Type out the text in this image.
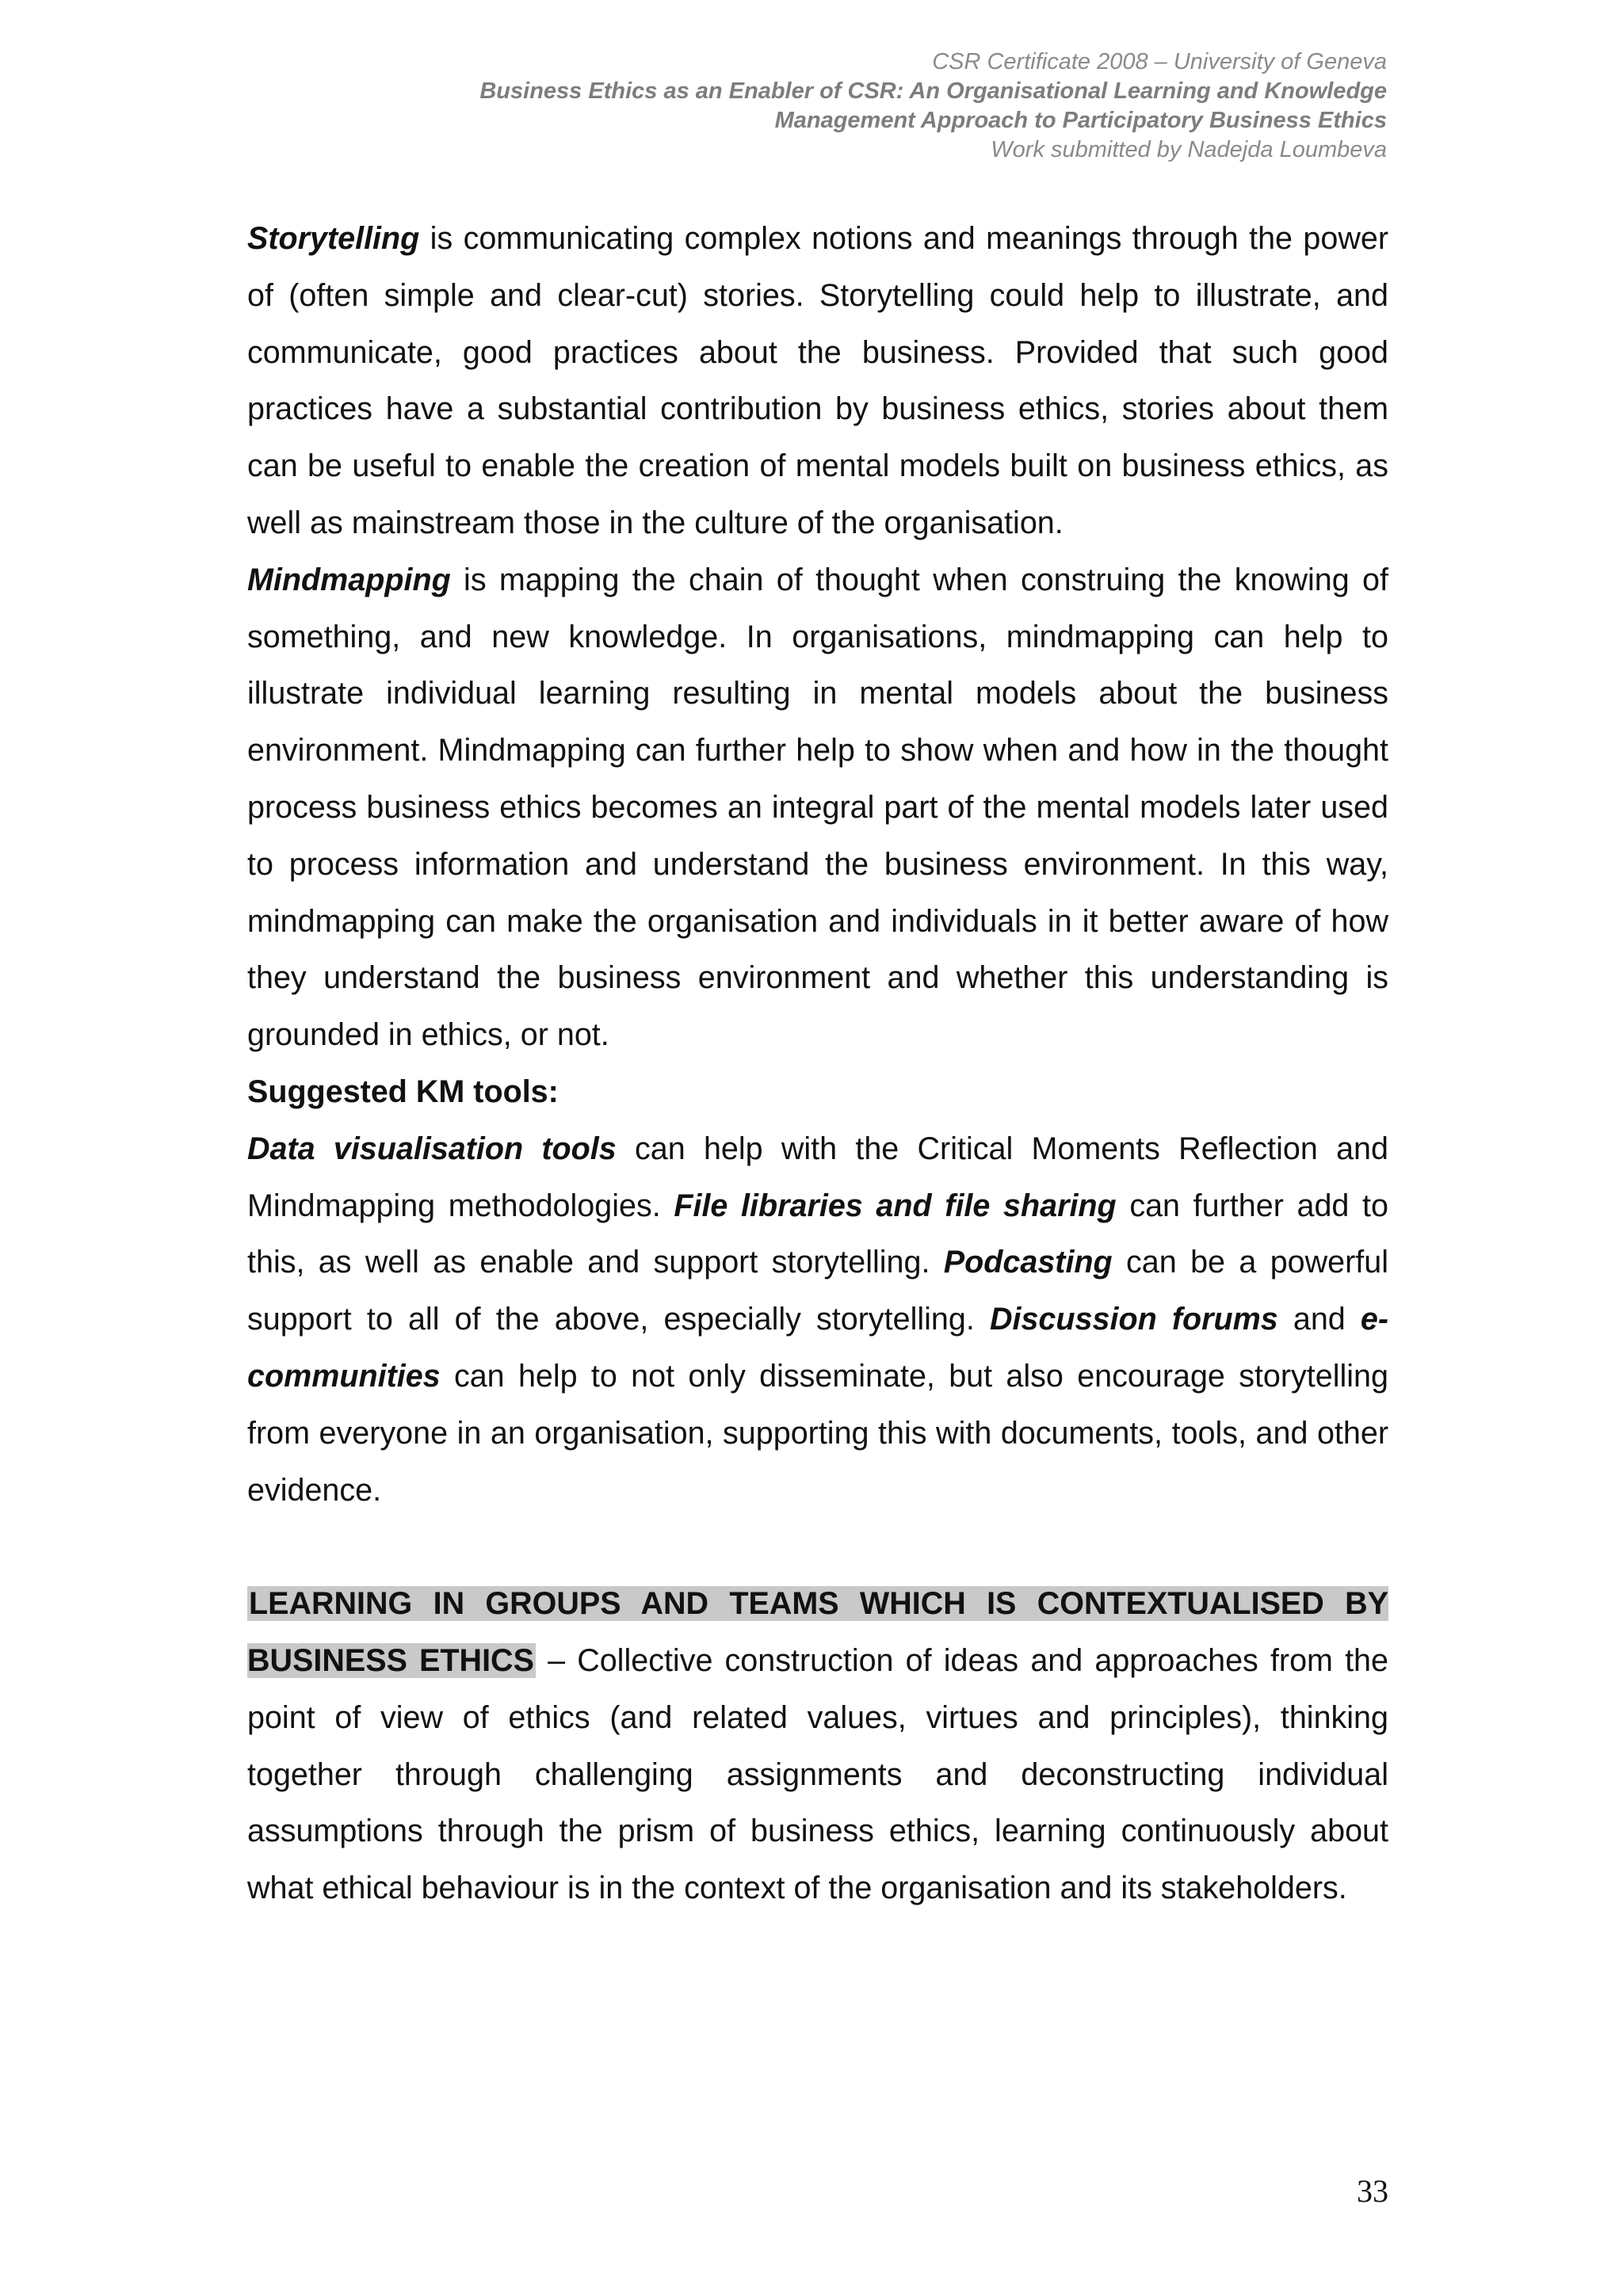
CSR Certificate 2008 – University of Geneva
Business Ethics as an Enabler of CSR: An Organisational Learning and Knowledge
Management Approach to Participatory Business Ethics
Work submitted by Nadejda Loumbeva

Storytelling is communicating complex notions and meanings through the power of (often simple and clear-cut) stories. Storytelling could help to illustrate, and communicate, good practices about the business. Provided that such good practices have a substantial contribution by business ethics, stories about them can be useful to enable the creation of mental models built on business ethics, as well as mainstream those in the culture of the organisation.

Mindmapping is mapping the chain of thought when construing the knowing of something, and new knowledge. In organisations, mindmapping can help to illustrate individual learning resulting in mental models about the business environment. Mindmapping can further help to show when and how in the thought process business ethics becomes an integral part of the mental models later used to process information and understand the business environment. In this way, mindmapping can make the organisation and individuals in it better aware of how they understand the business environment and whether this understanding is grounded in ethics, or not.

Suggested KM tools:

Data visualisation tools can help with the Critical Moments Reflection and Mindmapping methodologies. File libraries and file sharing can further add to this, as well as enable and support storytelling. Podcasting can be a powerful support to all of the above, especially storytelling. Discussion forums and e-communities can help to not only disseminate, but also encourage storytelling from everyone in an organisation, supporting this with documents, tools, and other evidence.

LEARNING IN GROUPS AND TEAMS WHICH IS CONTEXTUALISED BY BUSINESS ETHICS – Collective construction of ideas and approaches from the point of view of ethics (and related values, virtues and principles), thinking together through challenging assignments and deconstructing individual assumptions through the prism of business ethics, learning continuously about what ethical behaviour is in the context of the organisation and its stakeholders.

33
